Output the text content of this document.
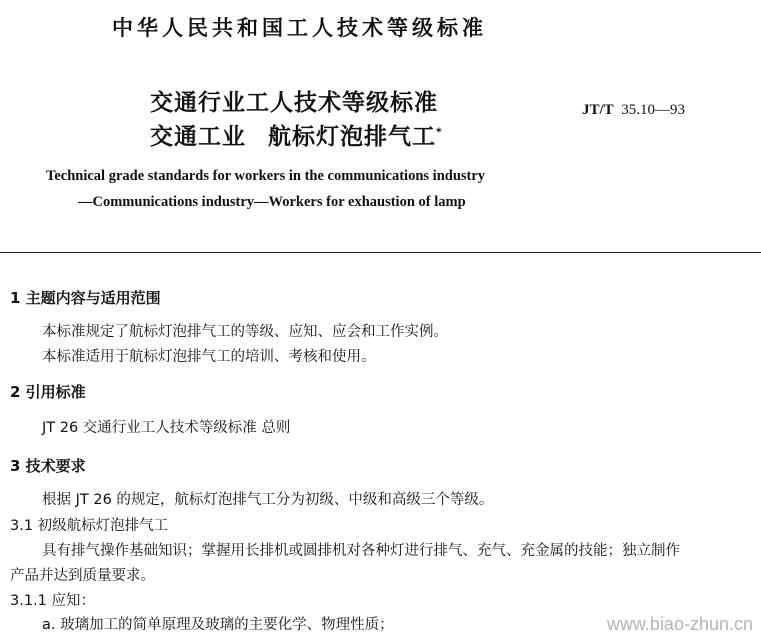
中华人民共和国工人技术等级标准
交通行业工人技术等级标准
交通工业 航标灯泡排气工*
JT/T 35.10—93
Technical grade standards for workers in the communications industry
—Communications industry—Workers for exhaustion of lamp
1 主题内容与适用范围
本标准规定了航标灯泡排气工的等级、应知、应会和工作实例。
本标准适用于航标灯泡排气工的培训、考核和使用。
2 引用标准
JT 26 交通行业工人技术等级标准 总则
3 技术要求
根据 JT 26 的规定，航标灯泡排气工分为初级、中级和高级三个等级。
3.1 初级航标灯泡排气工
具有排气操作基础知识；掌握用长排机或圆排机对各种灯进行排气、充气、充金属的技能；独立制作
产品并达到质量要求。
3.1.1 应知：
a. 玻璃加工的简单原理及玻璃的主要化学、物理性质；	www.biao-zhun.cn
